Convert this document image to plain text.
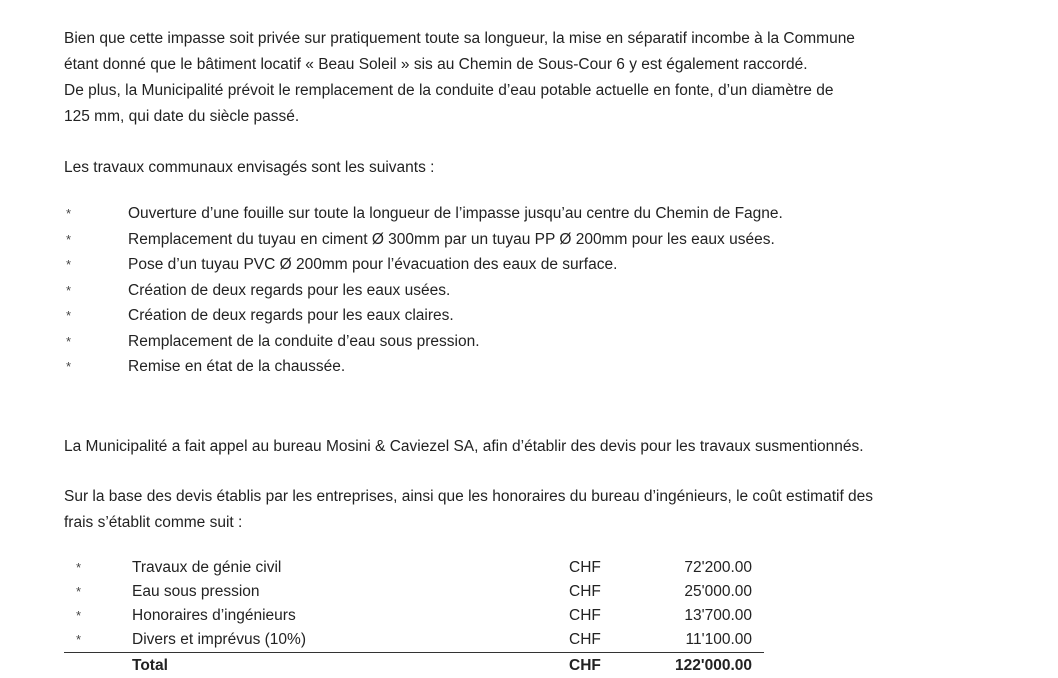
Bien que cette impasse soit privée sur pratiquement toute sa longueur, la mise en séparatif incombe à la Commune
étant donné que le bâtiment locatif « Beau Soleil » sis au Chemin de Sous-Cour 6 y est également raccordé.
De plus, la Municipalité prévoit le remplacement de la conduite d’eau potable actuelle en fonte, d’un diamètre de
125 mm, qui date du siècle passé.

Les travaux communaux envisagés sont les suivants :

*	Ouverture d’une fouille sur toute la longueur de l’impasse jusqu’au centre du Chemin de Fagne.
*	Remplacement du tuyau en ciment Ø 300mm par un tuyau PP Ø 200mm pour les eaux usées.
*	Pose d’un tuyau PVC Ø 200mm pour l’évacuation des eaux de surface.
*	Création de deux regards pour les eaux usées.
*	Création de deux regards pour les eaux claires.
*	Remplacement de la conduite d’eau sous pression.
*	Remise en état de la chaussée.

La Municipalité a fait appel au bureau Mosini & Caviezel SA, afin d’établir des devis pour les travaux susmentionnés.

Sur la base des devis établis par les entreprises, ainsi que les honoraires du bureau d’ingénieurs, le coût estimatif des
frais s’établit comme suit :

*	Travaux de génie civil	CHF	72'200.00
*	Eau sous pression	CHF	25'000.00
*	Honoraires d’ingénieurs	CHF	13'700.00
*	Divers et imprévus (10%)	CHF	11'100.00
Total	CHF	122'000.00
